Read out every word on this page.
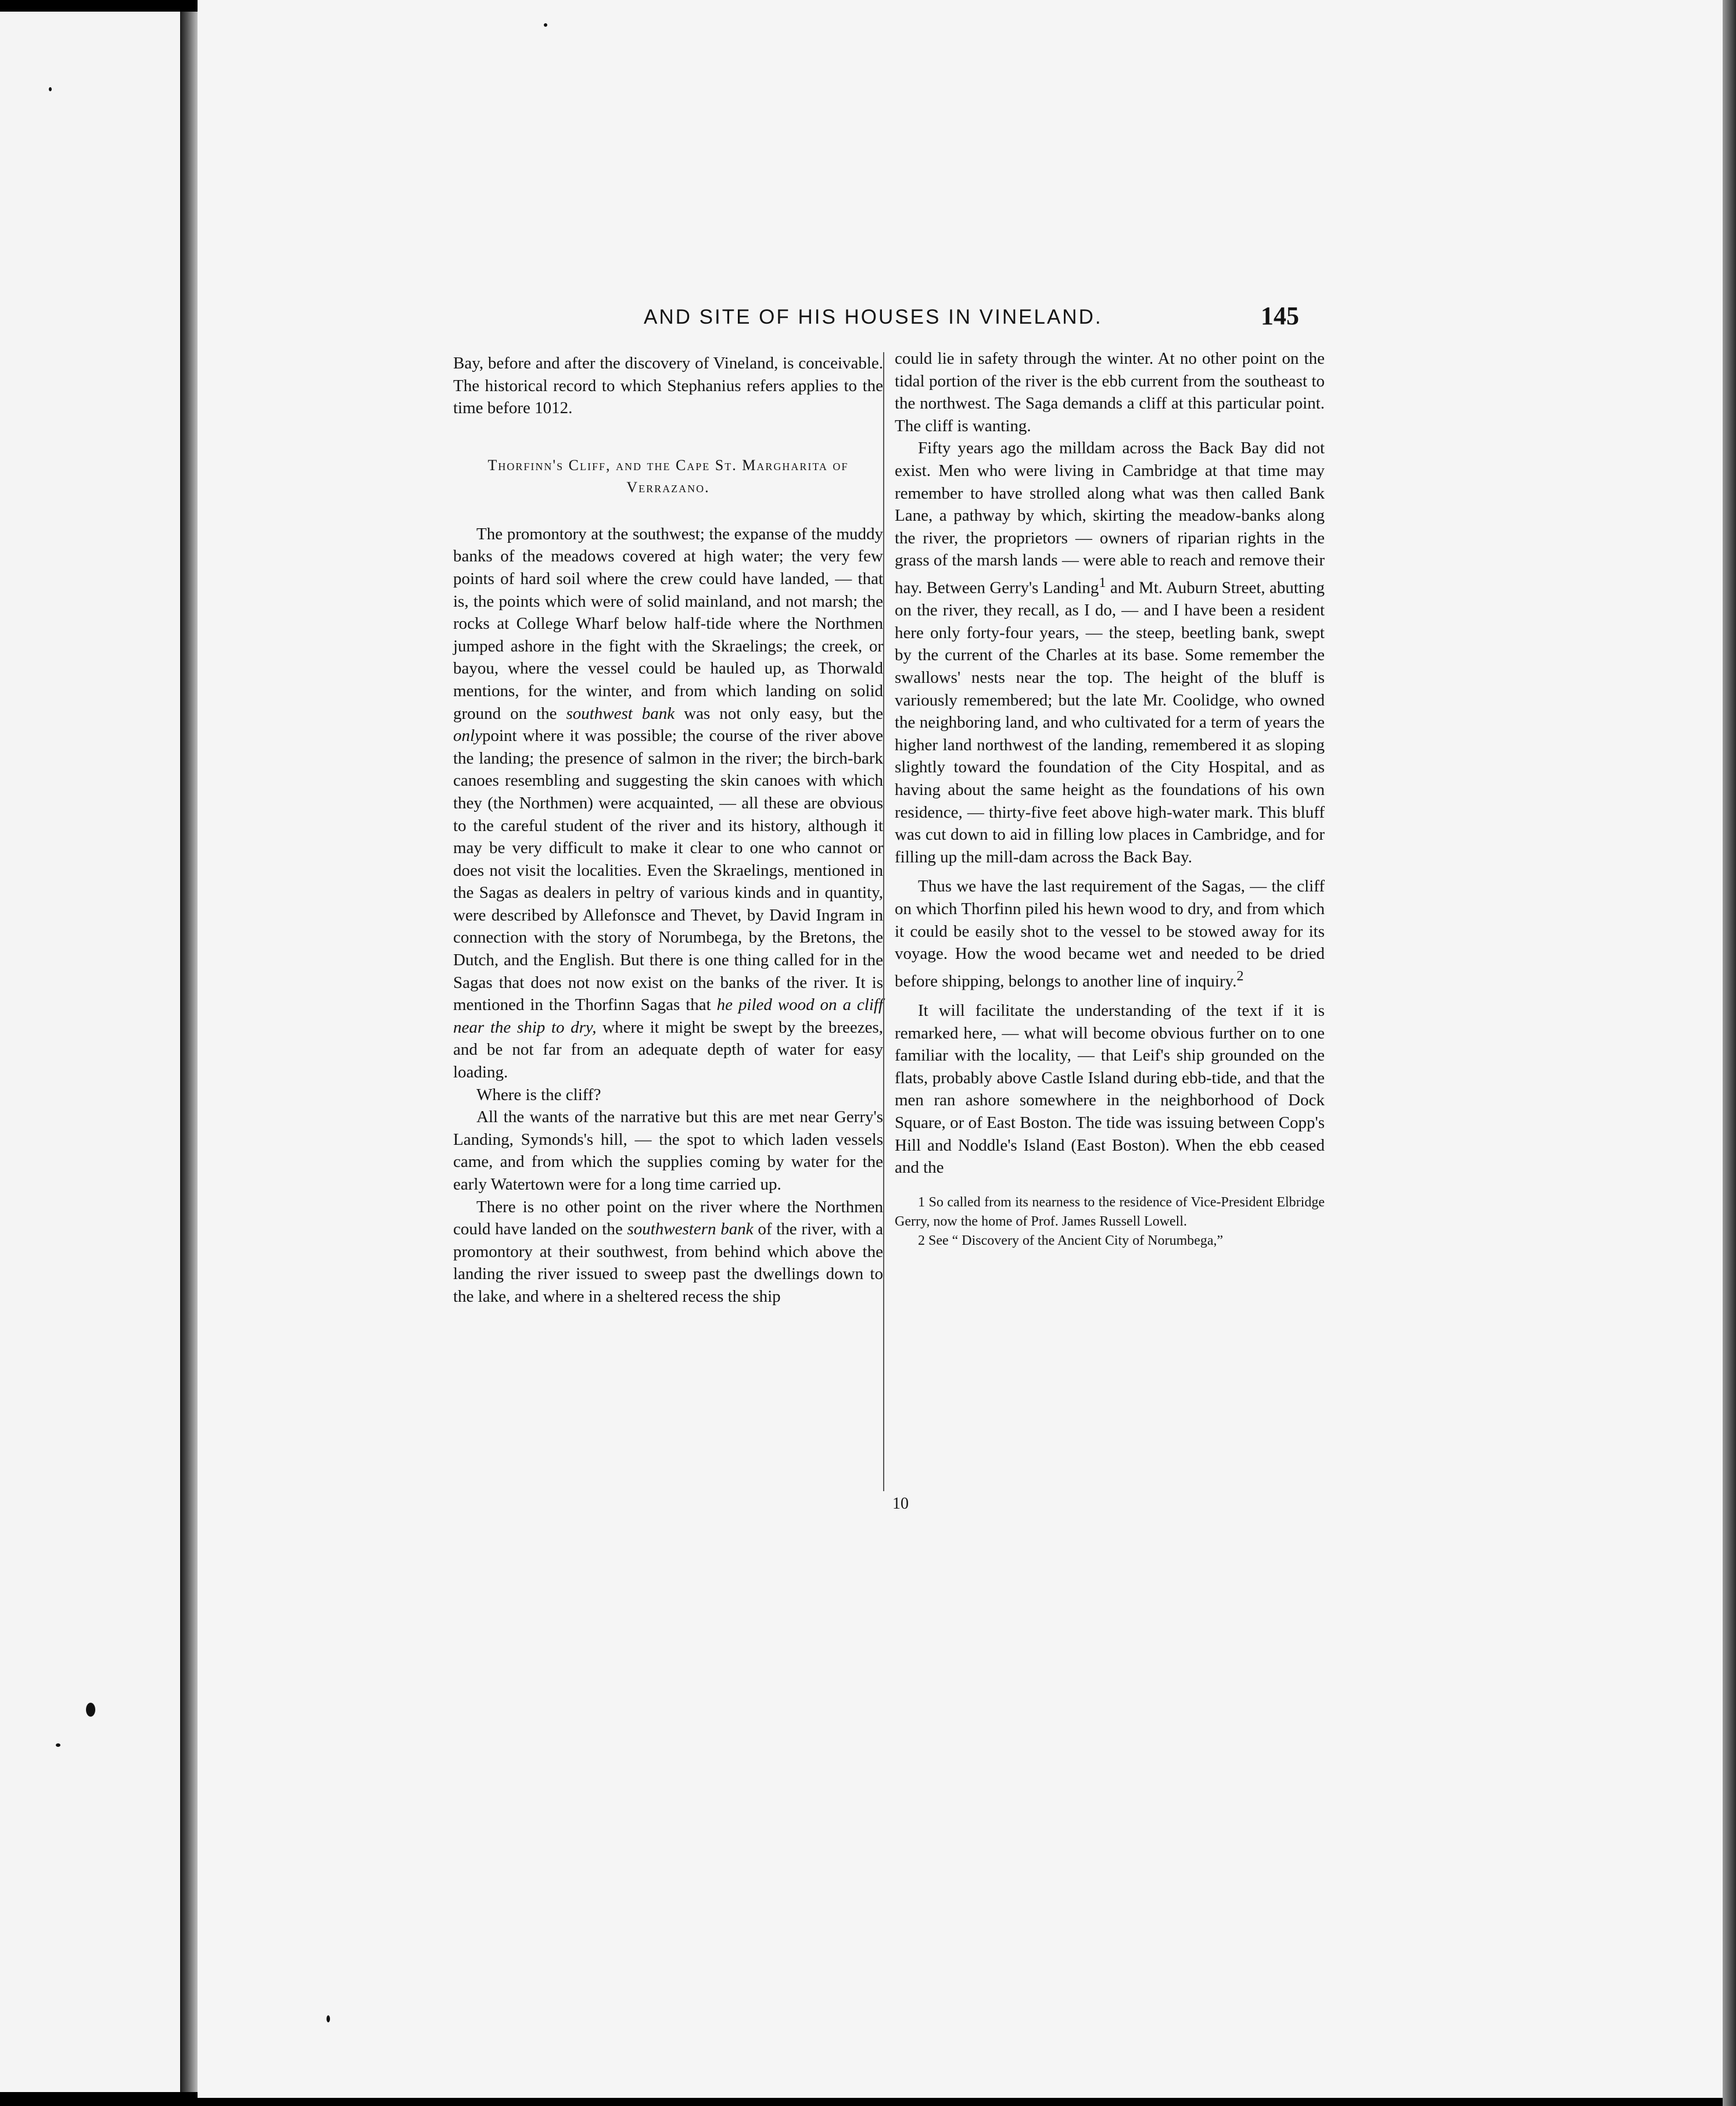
AND SITE OF HIS HOUSES IN VINELAND.	145

Bay, before and after the discovery of Vineland, is conceivable. The historical record to which Stephanius refers applies to the time before 1012.

Thorfinn's Cliff, and the Cape St. Margharita of Verrazano.

The promontory at the southwest; the expanse of the muddy banks of the meadows covered at high water; the very few points of hard soil where the crew could have landed, — that is, the points which were of solid mainland, and not marsh; the rocks at College Wharf below half-tide where the Northmen jumped ashore in the fight with the Skraelings; the creek, or bayou, where the vessel could be hauled up, as Thorwald mentions, for the winter, and from which landing on solid ground on the southwest bank was not only easy, but the onlypoint where it was possible; the course of the river above the landing; the presence of salmon in the river; the birch-bark canoes resembling and suggesting the skin canoes with which they (the Northmen) were acquainted, — all these are obvious to the careful student of the river and its history, although it may be very difficult to make it clear to one who cannot or does not visit the localities. Even the Skraelings, mentioned in the Sagas as dealers in peltry of various kinds and in quantity, were described by Allefonsce and Thevet, by David Ingram in connection with the story of Norumbega, by the Bretons, the Dutch, and the English. But there is one thing called for in the Sagas that does not now exist on the banks of the river. It is mentioned in the Thorfinn Sagas that he piled wood on a cliff near the ship to dry, where it might be swept by the breezes, and be not far from an adequate depth of water for easy loading.

Where is the cliff?

All the wants of the narrative but this are met near Gerry's Landing, Symonds's hill, — the spot to which laden vessels came, and from which the supplies coming by water for the early Watertown were for a long time carried up.

There is no other point on the river where the Northmen could have landed on the southwestern bank of the river, with a promontory at their southwest, from behind which above the landing the river issued to sweep past the dwellings down to the lake, and where in a sheltered recess the ship

could lie in safety through the winter. At no other point on the tidal portion of the river is the ebb current from the southeast to the northwest. The Saga demands a cliff at this particular point. The cliff is wanting.

Fifty years ago the milldam across the Back Bay did not exist. Men who were living in Cambridge at that time may remember to have strolled along what was then called Bank Lane, a pathway by which, skirting the meadow-banks along the river, the proprietors — owners of riparian rights in the grass of the marsh lands — were able to reach and remove their hay. Between Gerry's Landing$^1$ and Mt. Auburn Street, abutting on the river, they recall, as I do, — and I have been a resident here only forty-four years, — the steep, beetling bank, swept by the current of the Charles at its base. Some remember the swallows' nests near the top. The height of the bluff is variously remembered; but the late Mr. Coolidge, who owned the neighboring land, and who cultivated for a term of years the higher land northwest of the landing, remembered it as sloping slightly toward the foundation of the City Hospital, and as having about the same height as the foundations of his own residence, — thirty-five feet above high-water mark. This bluff was cut down to aid in filling low places in Cambridge, and for filling up the mill-dam across the Back Bay.

Thus we have the last requirement of the Sagas, — the cliff on which Thorfinn piled his hewn wood to dry, and from which it could be easily shot to the vessel to be stowed away for its voyage. How the wood became wet and needed to be dried before shipping, belongs to another line of inquiry.$^2$

It will facilitate the understanding of the text if it is remarked here, — what will become obvious further on to one familiar with the locality, — that Leif's ship grounded on the flats, probably above Castle Island during ebb-tide, and that the men ran ashore somewhere in the neighborhood of Dock Square, or of East Boston. The tide was issuing between Copp's Hill and Noddle's Island (East Boston). When the ebb ceased and the

1 So called from its nearness to the residence of Vice-President Elbridge Gerry, now the home of Prof. James Russell Lowell.

2 See “ Discovery of the Ancient City of Norumbega,”

10
